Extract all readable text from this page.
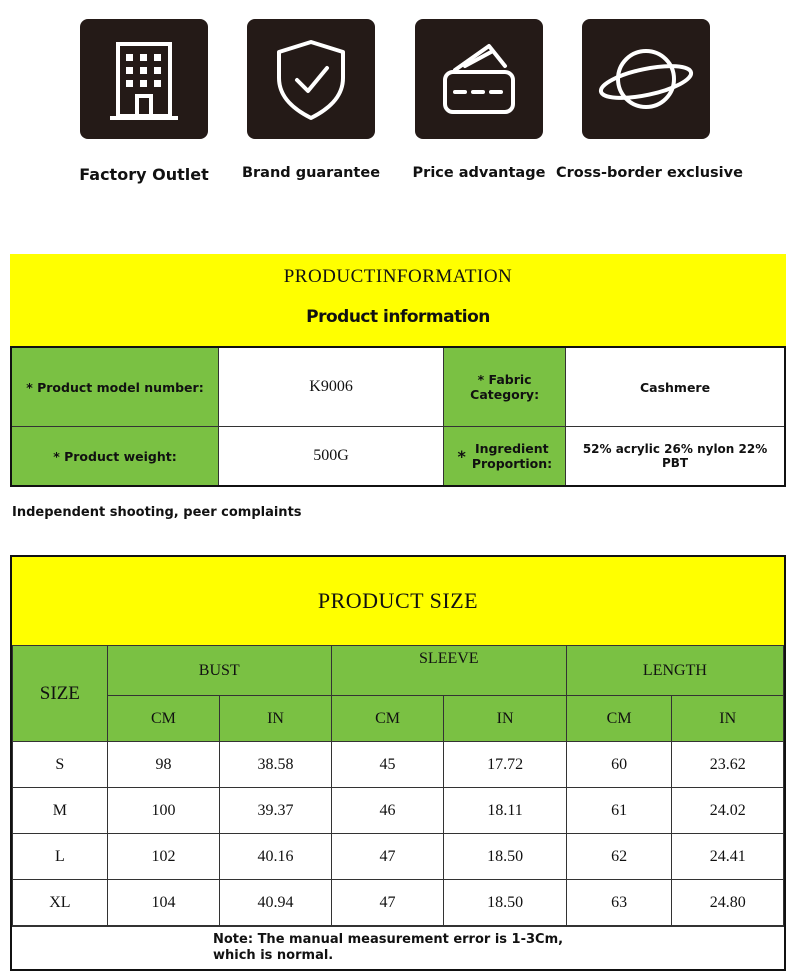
Factory Outlet	Brand guarantee	Price advantage Cross-border exclusive
PRODUCTINFORMATION
Product information
* Product model number:	K9006	* Fabric Category:	Cashmere
* Product weight:	500G	* Ingredient Proportion:	52% acrylic 26% nylon 22% PBT
Independent shooting, peer complaints
PRODUCT SIZE
SIZE	BUST		SLEEVE		LENGTH	
	CM	IN	CM	IN	CM	IN
S	98	38.58	45	17.72	60	23.62
M	100	39.37	46	18.11	61	24.02
L	102	40.16	47	18.50	62	24.41
XL	104	40.94	47	18.50	63	24.80
Note: The manual measurement error is 1-3Cm, which is normal.
